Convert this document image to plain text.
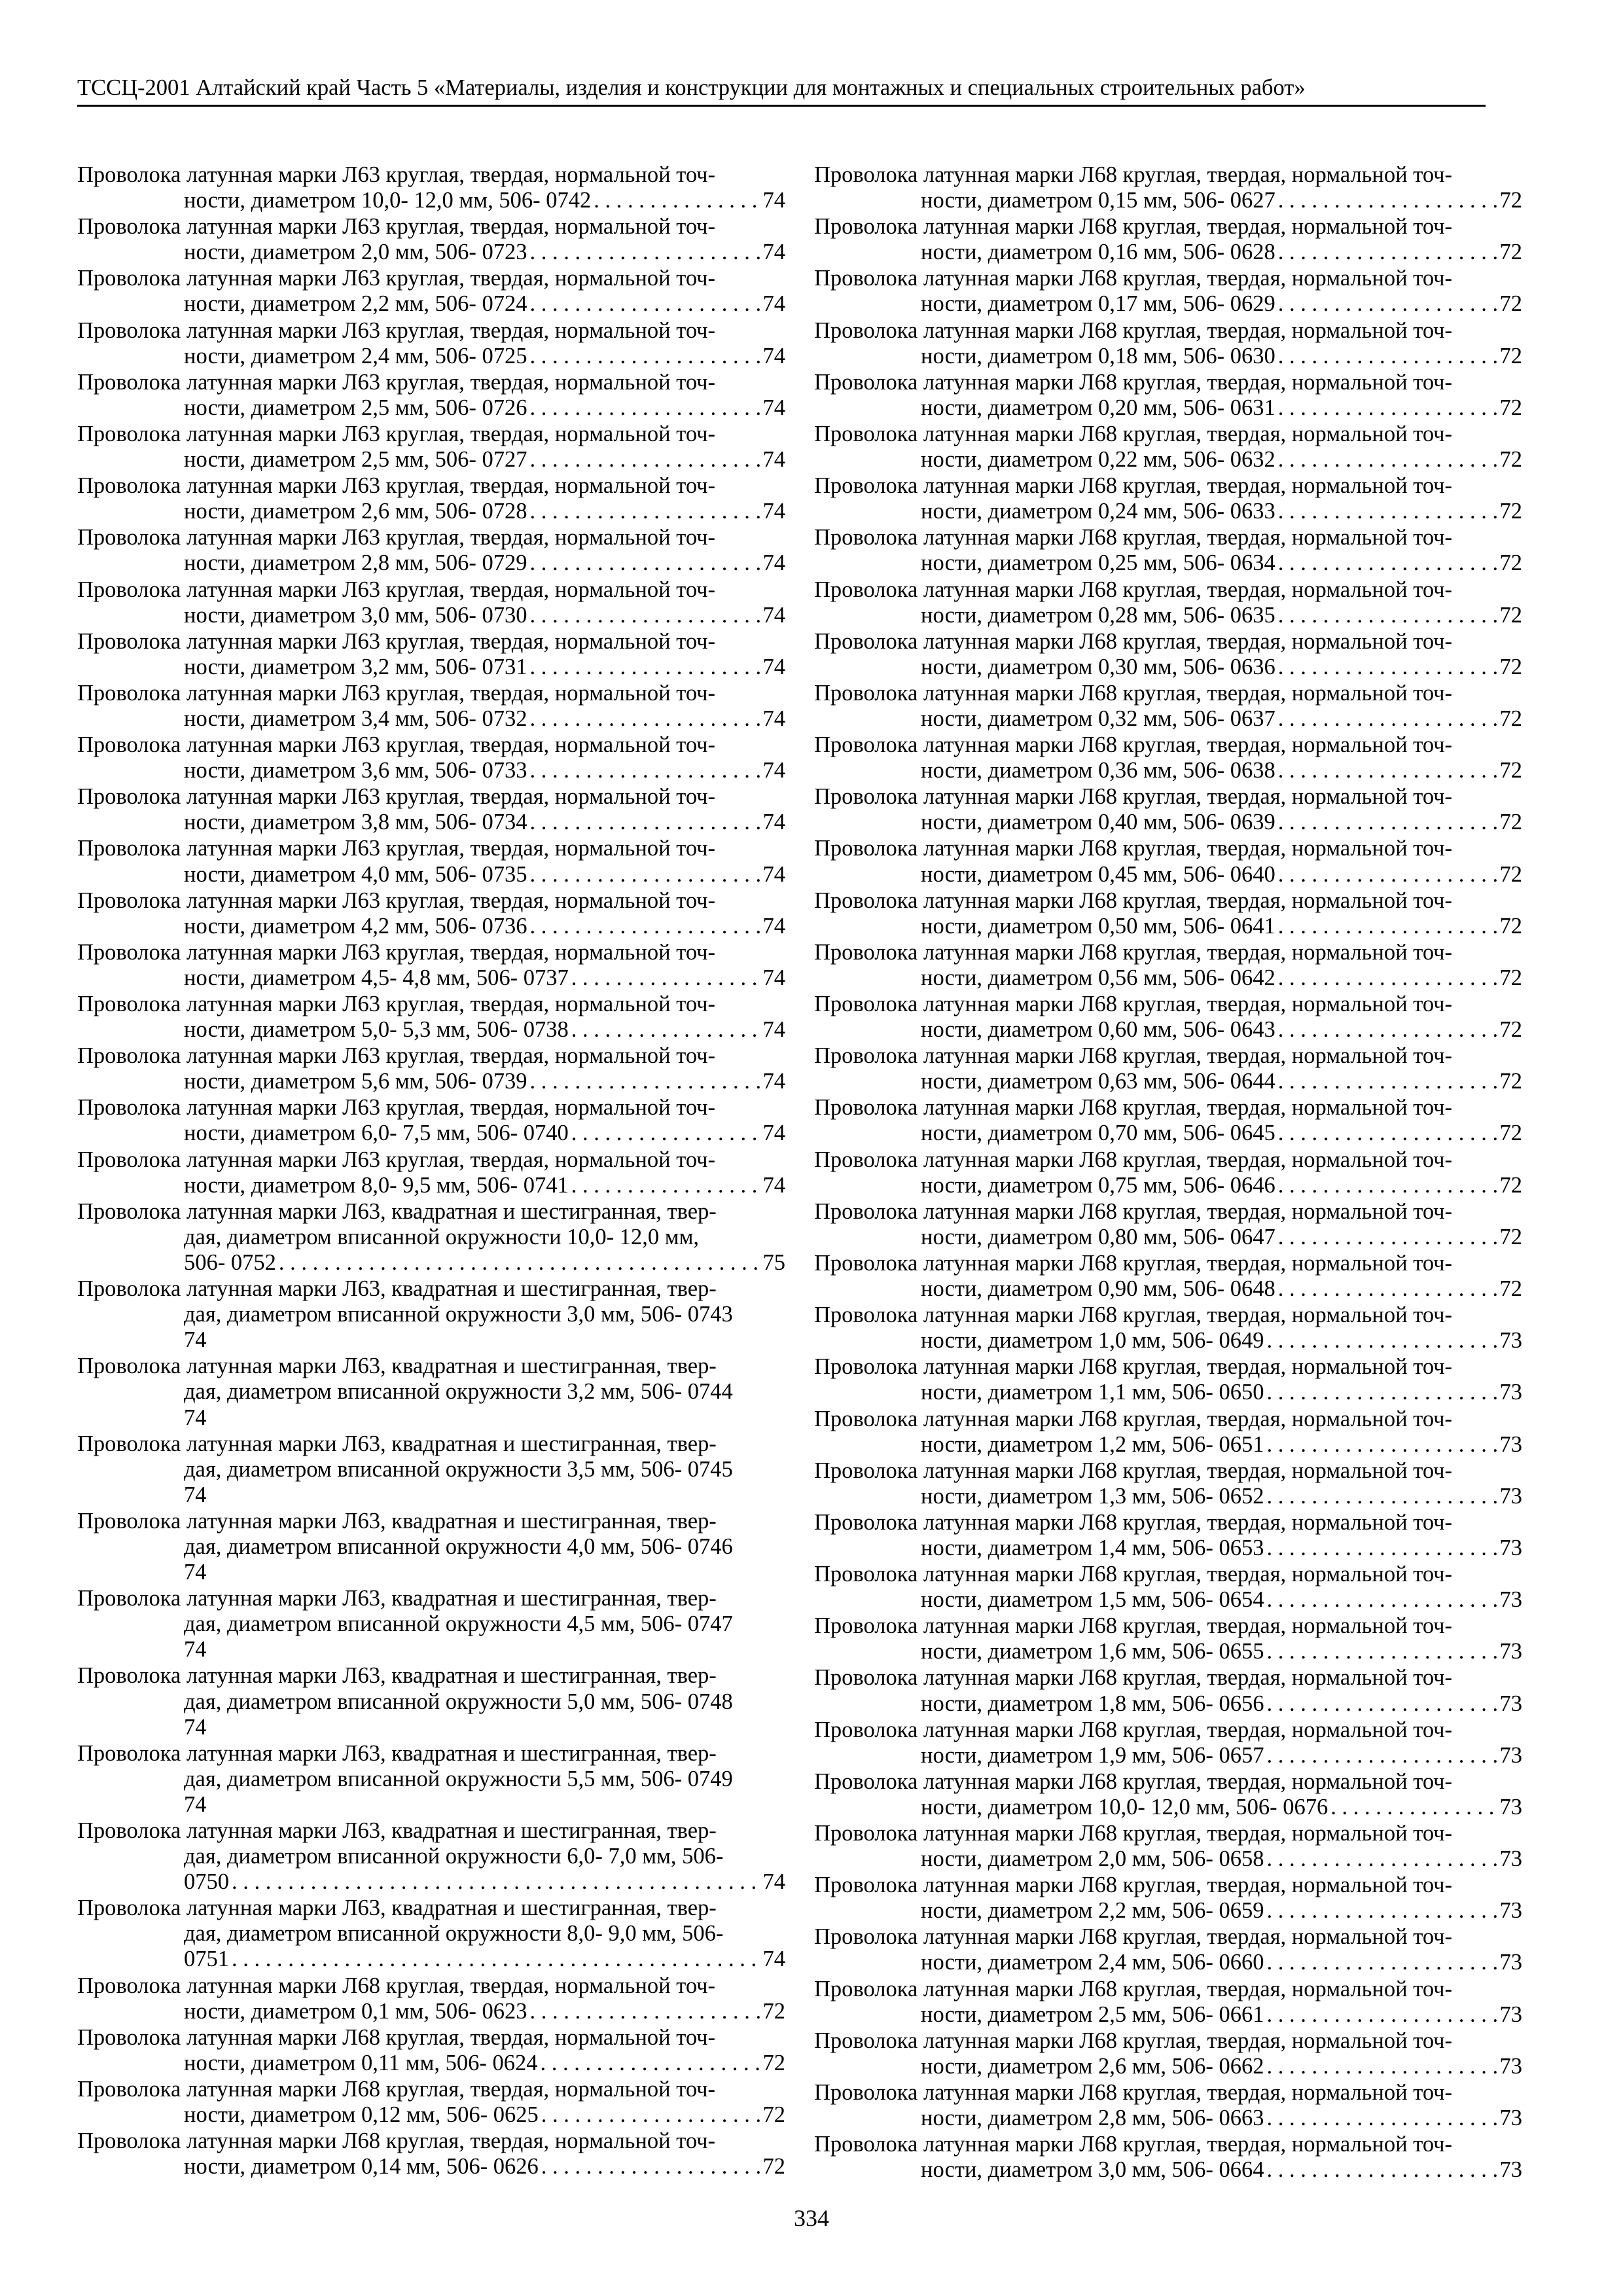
ТССЦ-2001 Алтайский край Часть 5 «Материалы, изделия и конструкции для монтажных и специальных строительных работ»
Проволока латунная марки Л63 круглая, твердая, нормальной точ-
ности, диаметром 10,0- 12,0 мм, 506- 0742 . . .	74
Проволока латунная марки Л63 круглая, твердая, нормальной точ-
ности, диаметром 2,0 мм, 506- 0723 . . .	74
Проволока латунная марки Л63 круглая, твердая, нормальной точ-
ности, диаметром 2,2 мм, 506- 0724 . . .	74
Проволока латунная марки Л63 круглая, твердая, нормальной точ-
ности, диаметром 2,4 мм, 506- 0725 . . .	74
Проволока латунная марки Л63 круглая, твердая, нормальной точ-
ности, диаметром 2,5 мм, 506- 0726 . . .	74
Проволока латунная марки Л63 круглая, твердая, нормальной точ-
ности, диаметром 2,5 мм, 506- 0727 . . .	74
Проволока латунная марки Л63 круглая, твердая, нормальной точ-
ности, диаметром 2,6 мм, 506- 0728 . . .	74
Проволока латунная марки Л63 круглая, твердая, нормальной точ-
ности, диаметром 2,8 мм, 506- 0729 . . .	74
Проволока латунная марки Л63 круглая, твердая, нормальной точ-
ности, диаметром 3,0 мм, 506- 0730 . . .	74
Проволока латунная марки Л63 круглая, твердая, нормальной точ-
ности, диаметром 3,2 мм, 506- 0731 . . .	74
Проволока латунная марки Л63 круглая, твердая, нормальной точ-
ности, диаметром 3,4 мм, 506- 0732 . . .	74
Проволока латунная марки Л63 круглая, твердая, нормальной точ-
ности, диаметром 3,6 мм, 506- 0733 . . .	74
Проволока латунная марки Л63 круглая, твердая, нормальной точ-
ности, диаметром 3,8 мм, 506- 0734 . . .	74
Проволока латунная марки Л63 круглая, твердая, нормальной точ-
ности, диаметром 4,0 мм, 506- 0735 . . .	74
Проволока латунная марки Л63 круглая, твердая, нормальной точ-
ности, диаметром 4,2 мм, 506- 0736 . . .	74
Проволока латунная марки Л63 круглая, твердая, нормальной точ-
ности, диаметром 4,5- 4,8 мм, 506- 0737 . . .	74
Проволока латунная марки Л63 круглая, твердая, нормальной точ-
ности, диаметром 5,0- 5,3 мм, 506- 0738 . . .	74
Проволока латунная марки Л63 круглая, твердая, нормальной точ-
ности, диаметром 5,6 мм, 506- 0739 . . .	74
Проволока латунная марки Л63 круглая, твердая, нормальной точ-
ности, диаметром 6,0- 7,5 мм, 506- 0740 . . .	74
Проволока латунная марки Л63 круглая, твердая, нормальной точ-
ности, диаметром 8,0- 9,5 мм, 506- 0741 . . .	74
Проволока латунная марки Л63, квадратная и шестигранная, твер-
дая, диаметром вписанной окружности 10,0- 12,0 мм,
506- 0752 . . .	75
Проволока латунная марки Л63, квадратная и шестигранная, твер-
дая, диаметром вписанной окружности 3,0 мм, 506- 0743
74
Проволока латунная марки Л63, квадратная и шестигранная, твер-
дая, диаметром вписанной окружности 3,2 мм, 506- 0744
74
Проволока латунная марки Л63, квадратная и шестигранная, твер-
дая, диаметром вписанной окружности 3,5 мм, 506- 0745
74
Проволока латунная марки Л63, квадратная и шестигранная, твер-
дая, диаметром вписанной окружности 4,0 мм, 506- 0746
74
Проволока латунная марки Л63, квадратная и шестигранная, твер-
дая, диаметром вписанной окружности 4,5 мм, 506- 0747
74
Проволока латунная марки Л63, квадратная и шестигранная, твер-
дая, диаметром вписанной окружности 5,0 мм, 506- 0748
74
Проволока латунная марки Л63, квадратная и шестигранная, твер-
дая, диаметром вписанной окружности 5,5 мм, 506- 0749
74
Проволока латунная марки Л63, квадратная и шестигранная, твер-
дая, диаметром вписанной окружности 6,0- 7,0 мм, 506-
0750 . . .	74
Проволока латунная марки Л63, квадратная и шестигранная, твер-
дая, диаметром вписанной окружности 8,0- 9,0 мм, 506-
0751 . . .	74
Проволока латунная марки Л68 круглая, твердая, нормальной точ-
ности, диаметром 0,1 мм, 506- 0623 . . .	72
Проволока латунная марки Л68 круглая, твердая, нормальной точ-
ности, диаметром 0,11 мм, 506- 0624 . . .	72
Проволока латунная марки Л68 круглая, твердая, нормальной точ-
ности, диаметром 0,12 мм, 506- 0625 . . .	72
Проволока латунная марки Л68 круглая, твердая, нормальной точ-
ности, диаметром 0,14 мм, 506- 0626 . . .	72
Проволока латунная марки Л68 круглая, твердая, нормальной точ-
ности, диаметром 0,15 мм, 506- 0627 . . .	72
Проволока латунная марки Л68 круглая, твердая, нормальной точ-
ности, диаметром 0,16 мм, 506- 0628 . . .	72
Проволока латунная марки Л68 круглая, твердая, нормальной точ-
ности, диаметром 0,17 мм, 506- 0629 . . .	72
Проволока латунная марки Л68 круглая, твердая, нормальной точ-
ности, диаметром 0,18 мм, 506- 0630 . . .	72
Проволока латунная марки Л68 круглая, твердая, нормальной точ-
ности, диаметром 0,20 мм, 506- 0631 . . .	72
Проволока латунная марки Л68 круглая, твердая, нормальной точ-
ности, диаметром 0,22 мм, 506- 0632 . . .	72
Проволока латунная марки Л68 круглая, твердая, нормальной точ-
ности, диаметром 0,24 мм, 506- 0633 . . .	72
Проволока латунная марки Л68 круглая, твердая, нормальной точ-
ности, диаметром 0,25 мм, 506- 0634 . . .	72
Проволока латунная марки Л68 круглая, твердая, нормальной точ-
ности, диаметром 0,28 мм, 506- 0635 . . .	72
Проволока латунная марки Л68 круглая, твердая, нормальной точ-
ности, диаметром 0,30 мм, 506- 0636 . . .	72
Проволока латунная марки Л68 круглая, твердая, нормальной точ-
ности, диаметром 0,32 мм, 506- 0637 . . .	72
Проволока латунная марки Л68 круглая, твердая, нормальной точ-
ности, диаметром 0,36 мм, 506- 0638 . . .	72
Проволока латунная марки Л68 круглая, твердая, нормальной точ-
ности, диаметром 0,40 мм, 506- 0639 . . .	72
Проволока латунная марки Л68 круглая, твердая, нормальной точ-
ности, диаметром 0,45 мм, 506- 0640 . . .	72
Проволока латунная марки Л68 круглая, твердая, нормальной точ-
ности, диаметром 0,50 мм, 506- 0641 . . .	72
Проволока латунная марки Л68 круглая, твердая, нормальной точ-
ности, диаметром 0,56 мм, 506- 0642 . . .	72
Проволока латунная марки Л68 круглая, твердая, нормальной точ-
ности, диаметром 0,60 мм, 506- 0643 . . .	72
Проволока латунная марки Л68 круглая, твердая, нормальной точ-
ности, диаметром 0,63 мм, 506- 0644 . . .	72
Проволока латунная марки Л68 круглая, твердая, нормальной точ-
ности, диаметром 0,70 мм, 506- 0645 . . .	72
Проволока латунная марки Л68 круглая, твердая, нормальной точ-
ности, диаметром 0,75 мм, 506- 0646 . . .	72
Проволока латунная марки Л68 круглая, твердая, нормальной точ-
ности, диаметром 0,80 мм, 506- 0647 . . .	72
Проволока латунная марки Л68 круглая, твердая, нормальной точ-
ности, диаметром 0,90 мм, 506- 0648 . . .	72
Проволока латунная марки Л68 круглая, твердая, нормальной точ-
ности, диаметром 1,0 мм, 506- 0649 . . .	73
Проволока латунная марки Л68 круглая, твердая, нормальной точ-
ности, диаметром 1,1 мм, 506- 0650 . . .	73
Проволока латунная марки Л68 круглая, твердая, нормальной точ-
ности, диаметром 1,2 мм, 506- 0651 . . .	73
Проволока латунная марки Л68 круглая, твердая, нормальной точ-
ности, диаметром 1,3 мм, 506- 0652 . . .	73
Проволока латунная марки Л68 круглая, твердая, нормальной точ-
ности, диаметром 1,4 мм, 506- 0653 . . .	73
Проволока латунная марки Л68 круглая, твердая, нормальной точ-
ности, диаметром 1,5 мм, 506- 0654 . . .	73
Проволока латунная марки Л68 круглая, твердая, нормальной точ-
ности, диаметром 1,6 мм, 506- 0655 . . .	73
Проволока латунная марки Л68 круглая, твердая, нормальной точ-
ности, диаметром 1,8 мм, 506- 0656 . . .	73
Проволока латунная марки Л68 круглая, твердая, нормальной точ-
ности, диаметром 1,9 мм, 506- 0657 . . .	73
Проволока латунная марки Л68 круглая, твердая, нормальной точ-
ности, диаметром 10,0- 12,0 мм, 506- 0676 . . .	73
Проволока латунная марки Л68 круглая, твердая, нормальной точ-
ности, диаметром 2,0 мм, 506- 0658 . . .	73
Проволока латунная марки Л68 круглая, твердая, нормальной точ-
ности, диаметром 2,2 мм, 506- 0659 . . .	73
Проволока латунная марки Л68 круглая, твердая, нормальной точ-
ности, диаметром 2,4 мм, 506- 0660 . . .	73
Проволока латунная марки Л68 круглая, твердая, нормальной точ-
ности, диаметром 2,5 мм, 506- 0661 . . .	73
Проволока латунная марки Л68 круглая, твердая, нормальной точ-
ности, диаметром 2,6 мм, 506- 0662 . . .	73
Проволока латунная марки Л68 круглая, твердая, нормальной точ-
ности, диаметром 2,8 мм, 506- 0663 . . .	73
Проволока латунная марки Л68 круглая, твердая, нормальной точ-
ности, диаметром 3,0 мм, 506- 0664 . . .	73
334
